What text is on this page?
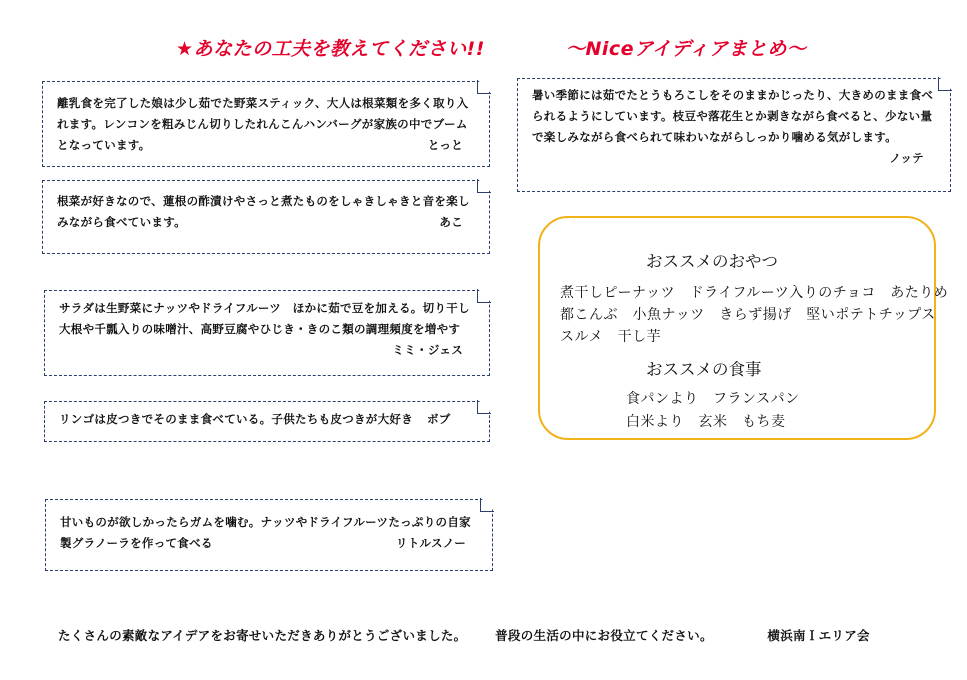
★あなたの工夫を教えてください!!	～Niceアイディアまとめ～

離乳食を完了した娘は少し茹でた野菜スティック、大人は根菜類を多く取り入れます。レンコンを粗みじん切りしたれんこんハンバーグが家族の中でブームとなっています。	とっと

根菜が好きなので、蓮根の酢漬けやさっと煮たものをしゃきしゃきと音を楽しみながら食べています。	あこ

サラダは生野菜にナッツやドライフルーツ　ほかに茹で豆を加える。切り干し大根や千瓢入りの味噌汁、高野豆腐やひじき・きのこ類の調理頻度を増やす
ミミ・ジェス

リンゴは皮つきでそのまま食べている。子供たちも皮つきが大好き ボブ

甘いものが欲しかったらガムを噛む。ナッツやドライフルーツたっぷりの自家製グラノーラを作って食べる	リトルスノー

暑い季節には茹でたとうもろこしをそのままかじったり、大きめのまま食べられるようにしています。枝豆や落花生とか剥きながら食べると、少ない量で楽しみながら食べられて味わいながらしっかり噛める気がします。
ノッテ

おススメのおやつ
煮干しピーナッツ　ドライフルーツ入りのチョコ　あたりめ
都こんぶ　小魚ナッツ　きらず揚げ　堅いポテトチップス
スルメ　干し芋
おススメの食事
食パンより　フランスパン
白米より　玄米　もち麦
たくさんの素敵なアイデアをお寄せいただきありがとうございました。 普段の生活の中にお役立てください。	横浜南Ｉエリア会
